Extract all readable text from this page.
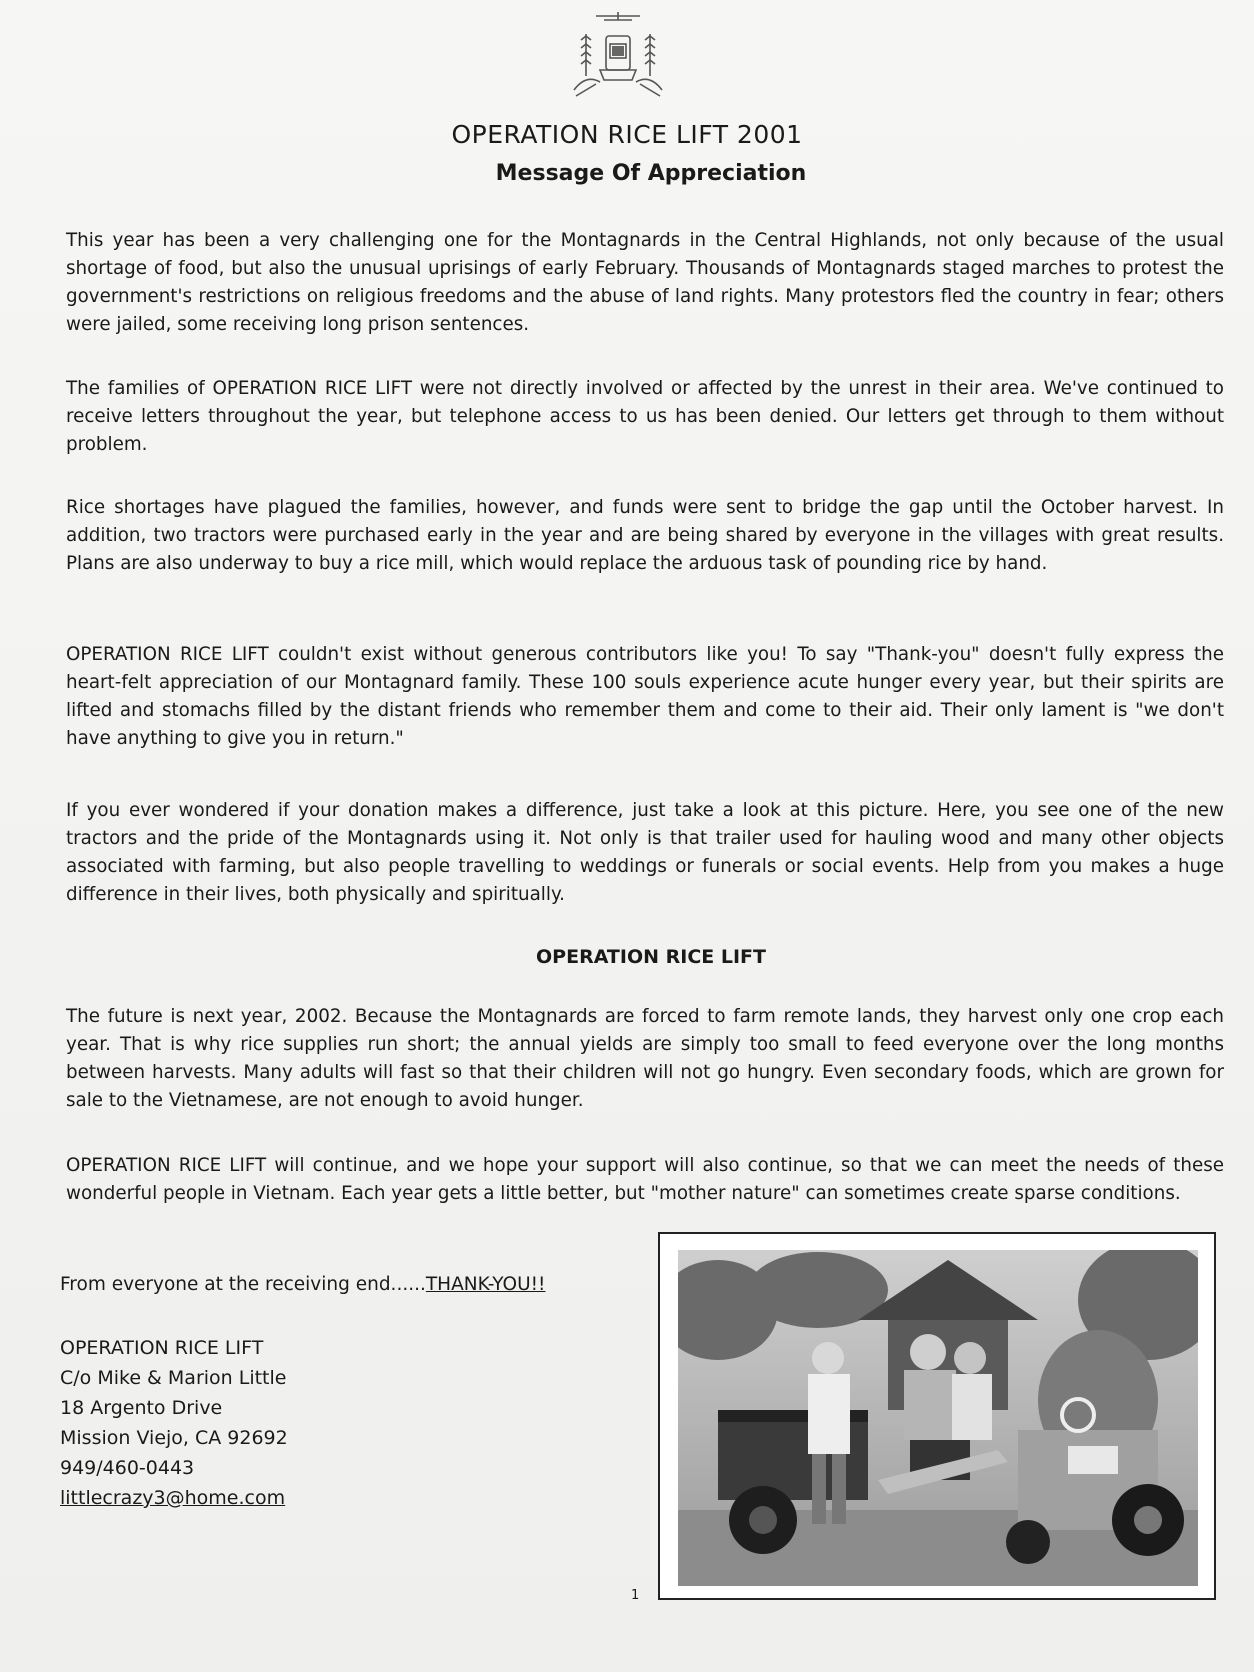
OPERATION RICE LIFT 2001
Message Of Appreciation

This year has been a very challenging one for the Montagnards in the Central Highlands, not only because of the usual shortage of food, but also the unusual uprisings of early February. Thousands of Montagnards staged marches to protest the government's restrictions on religious freedoms and the abuse of land rights. Many protestors fled the country in fear; others were jailed, some receiving long prison sentences.

The families of OPERATION RICE LIFT were not directly involved or affected by the unrest in their area. We've continued to receive letters throughout the year, but telephone access to us has been denied. Our letters get through to them without problem.

Rice shortages have plagued the families, however, and funds were sent to bridge the gap until the October harvest. In addition, two tractors were purchased early in the year and are being shared by everyone in the villages with great results. Plans are also underway to buy a rice mill, which would replace the arduous task of pounding rice by hand.

OPERATION RICE LIFT couldn't exist without generous contributors like you! To say "Thank-you" doesn't fully express the heart-felt appreciation of our Montagnard family. These 100 souls experience acute hunger every year, but their spirits are lifted and stomachs filled by the distant friends who remember them and come to their aid. Their only lament is "we don't have anything to give you in return."

If you ever wondered if your donation makes a difference, just take a look at this picture. Here, you see one of the new tractors and the pride of the Montagnards using it. Not only is that trailer used for hauling wood and many other objects associated with farming, but also people travelling to weddings or funerals or social events. Help from you makes a huge difference in their lives, both physically and spiritually.

OPERATION RICE LIFT

The future is next year, 2002. Because the Montagnards are forced to farm remote lands, they harvest only one crop each year. That is why rice supplies run short; the annual yields are simply too small to feed everyone over the long months between harvests. Many adults will fast so that their children will not go hungry. Even secondary foods, which are grown for sale to the Vietnamese, are not enough to avoid hunger.

OPERATION RICE LIFT will continue, and we hope your support will also continue, so that we can meet the needs of these wonderful people in Vietnam. Each year gets a little better, but "mother nature" can sometimes create sparse conditions.

From everyone at the receiving end......THANK-YOU!!
OPERATION RICE LIFT
C/o Mike & Marion Little
18 Argento Drive
Mission Viejo, CA 92692
949/460-0443
littlecrazy3@home.com
1
